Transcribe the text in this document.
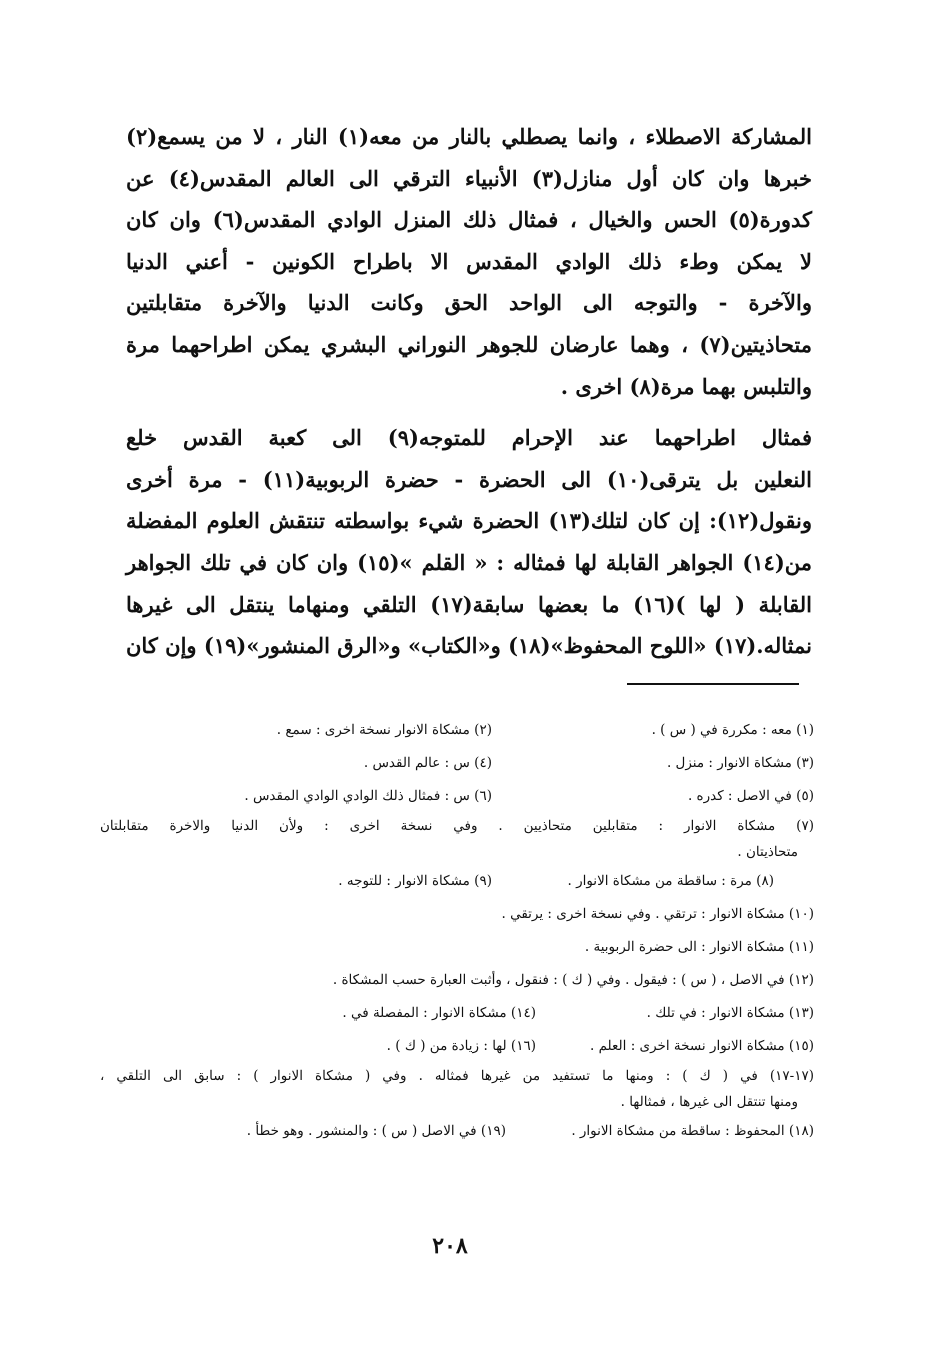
المشاركة الاصطلاء ، وانما يصطلي بالنار من معه(١) النار ، لا من يسمع(٢)
خبرها وان كان أول منازل(٣) الأنبياء الترقي الى العالم المقدس(٤) عن
كدورة(٥) الحس والخيال ، فمثال ذلك المنزل الوادي المقدس(٦) وان كان
لا يمكن وطء ذلك الوادي المقدس الا باطراح الكونين - أعني الدنيا
والآخرة - والتوجه الى الواحد الحق وكانت الدنيا والآخرة متقابلتين
متحاذيتين(٧) ، وهما عارضان للجوهر النوراني البشري يمكن اطراحهما مرة
والتلبس بهما مرة(٨) اخرى .
فمثال اطراحهما عند الإحرام للمتوجه(٩) الى كعبة القدس خلع
النعلين بل يترقى(١٠) الى الحضرة - حضرة الربوبية(١١) - مرة أخرى
ونقول(١٢): إن كان لتلك(١٣) الحضرة شيء بواسطته تنتقش العلوم المفضلة
من(١٤) الجواهر القابلة لها فمثاله : « القلم »(١٥) وان كان في تلك الجواهر
القابلة ( لها )(١٦) ما بعضها سابقة(١٧) التلقي ومنهاما ينتقل الى غيرها
نمثاله.(١٧) «اللوح المحفوظ»(١٨) و«الكتاب» و«الرق المنشور»(١٩) وإن كان
(١) معه : مكررة في ( س ) .
(٢) مشكاة الانوار نسخة اخرى : سمع .
(٣) مشكاة الانوار : منزل .
(٤) س : عالم القدس .
(٥) في الاصل : كدره .
(٦) س : فمثال ذلك الوادي الوادي المقدس .
(٧) مشكاة الانوار : متقابلين متحاذيين . وفي نسخة اخرى : ولأن الدنيا والاخرة متقابلتان
متحاذيتان .
(٨) مرة : ساقطة من مشكاة الانوار .
(٩) مشكاة الانوار : للتوجه .
(١٠) مشكاة الانوار : ترتقي . وفي نسخة اخرى : يرتقي .
(١١) مشكاة الانوار : الى حضرة الربوبية .
(١٢) في الاصل ، ( س ) : فيقول . وفي ( ك ) : فنقول ، وأثبت العبارة حسب المشكاة .
(١٣) مشكاة الانوار : في تلك .
(١٤) مشكاة الانوار : المفصلة في .
(١٥) مشكاة الانوار نسخة اخرى : العلم .
(١٦) لها : زيادة من ( ك ) .
(١٧-١٧) في ( ك ) : ومنها ما تستفيد من غيرها فمثاله . وفي ( مشكاة الانوار ) : سابق الى التلقي ،
ومنها تنتقل الى غيرها ، فمثالها .
(١٨) المحفوظ : ساقطة من مشكاة الانوار .
(١٩) في الاصل ( س ) : والمنشور . وهو خطأ .
٢٠٨
